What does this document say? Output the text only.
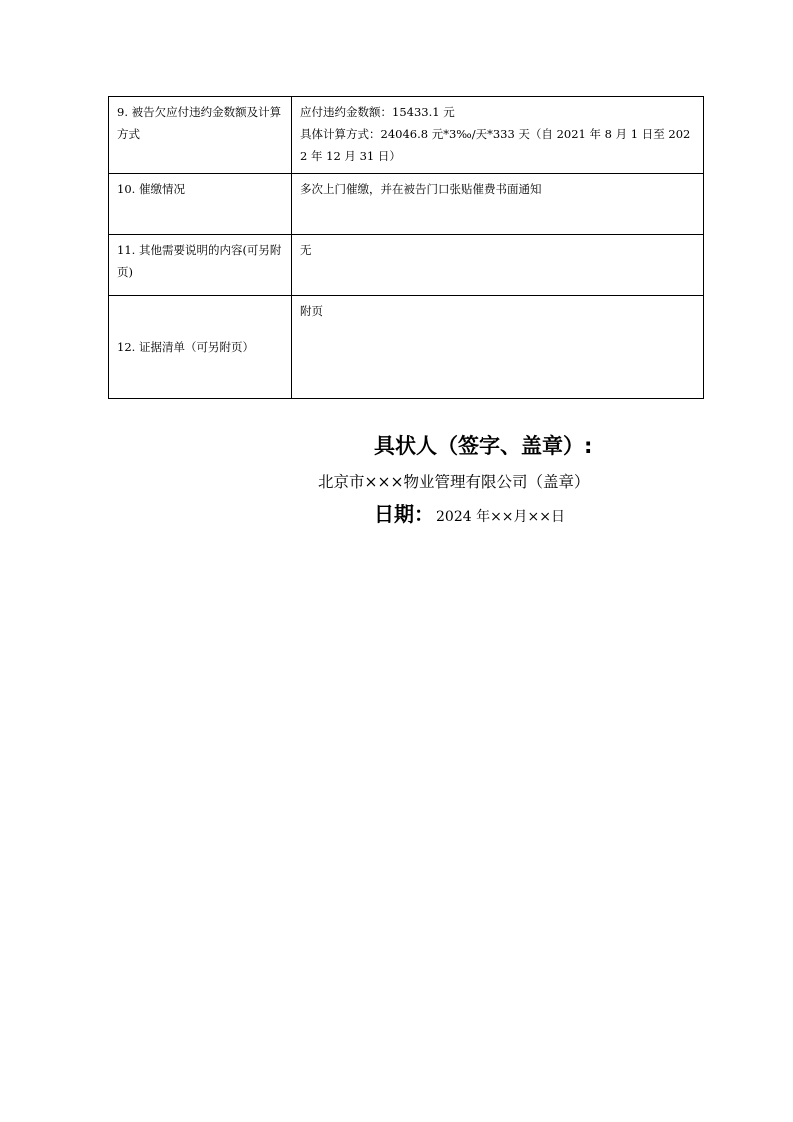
9. 被告欠应付违约金数额及计算方式	应付违约金数额：15433.1 元
具体计算方式：24046.8 元*3‰/天*333 天（自 2021 年 8 月 1 日至 2022 年 12 月 31 日）

10. 催缴情况	多次上门催缴，并在被告门口张贴催费书面通知

11. 其他需要说明的内容(可另附页)	无

12. 证据清单（可另附页）	附页
具状人（签字、盖章）:
北京市×××物业管理有限公司（盖章）
日期： 2024 年××月××日
